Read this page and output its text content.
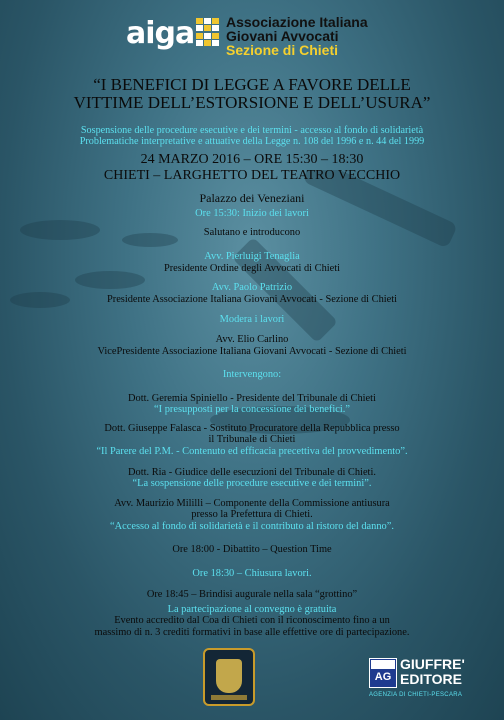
aiga Associazione Italiana
Giovani Avvocati
Sezione di Chieti
“I BENEFICI DI LEGGE A FAVORE DELLE
VITTIME DELL’ESTORSIONE E DELL’USURA”
Sospensione delle procedure esecutive e dei termini - accesso al fondo di solidarietà
Problematiche interpretative e attuative della Legge n. 108 del 1996 e n. 44 del 1999
24 MARZO 2016 – ORE 15:30 – 18:30
CHIETI – LARGHETTO DEL TEATRO VECCHIO
Palazzo dei Veneziani
Ore 15:30: Inizio dei lavori
Salutano e introducono
Avv. Pierluigi Tenaglia
Presidente Ordine degli Avvocati di Chieti
Avv. Paolo Patrizio
Presidente Associazione Italiana Giovani Avvocati - Sezione di Chieti
Modera i lavori
Avv. Elio Carlino
VicePresidente Associazione Italiana Giovani Avvocati - Sezione di Chieti
Intervengono:
Dott. Geremia Spiniello - Presidente del Tribunale di Chieti
“I presupposti per la concessione dei benefici.”
Dott. Giuseppe Falasca - Sostituto Procuratore della Repubblica presso
il Tribunale di Chieti
“Il Parere del P.M. - Contenuto ed efficacia precettiva del provvedimento”.
Dott. Ria - Giudice delle esecuzioni del Tribunale di Chieti.
“La sospensione delle procedure esecutive e dei termini”.
Avv. Maurizio Mililli – Componente della Commissione antiusura
presso la Prefettura di Chieti.
“Accesso al fondo di solidarietà e il contributo al ristoro del danno”.
Ore 18:00 - Dibattito – Question Time
Ore 18:30 – Chiusura lavori.
Ore 18:45 – Brindisi augurale nella sala “grottino”
La partecipazione al convegno è gratuita
Evento accredito dal Coa di Chieti con il riconoscimento fino a un
massimo di n. 3 crediti formativi in base alle effettive ore di partecipazione.
AG
GIUFFRE'
EDITORE
AGENZIA DI CHIETI-PESCARA
